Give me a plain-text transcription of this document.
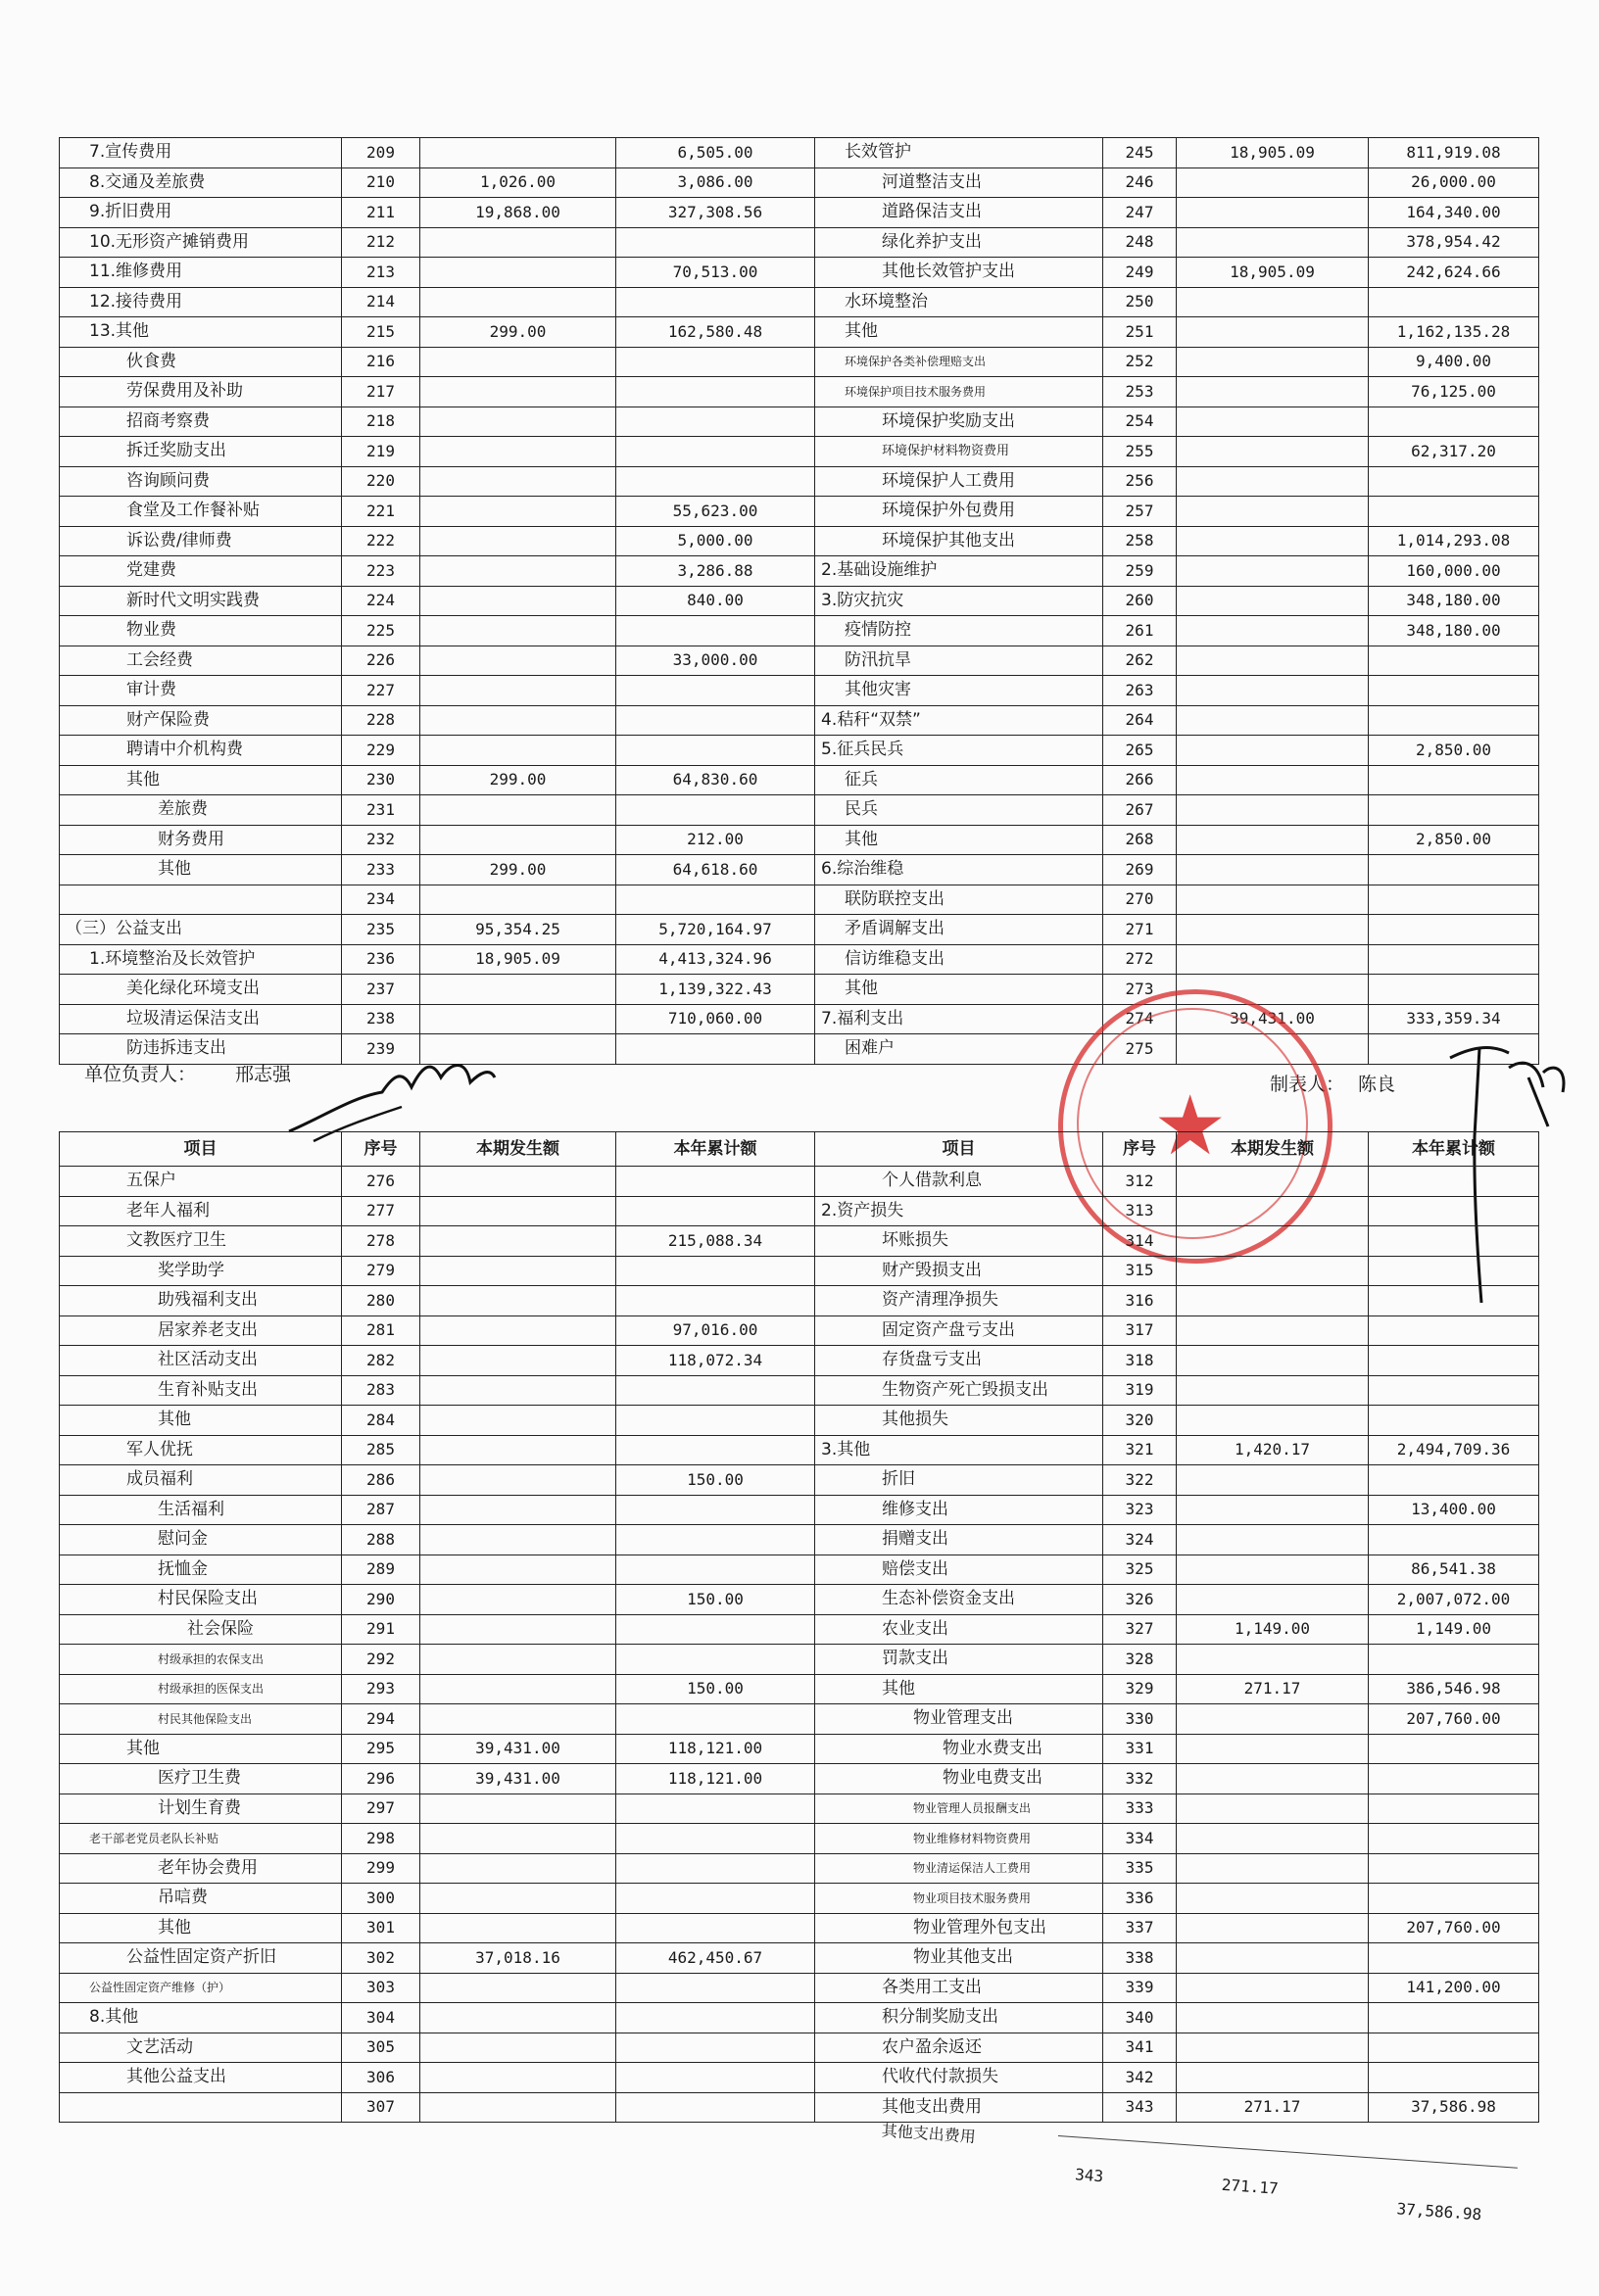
7.宣传费用	209		6,505.00	长效管护	245	18,905.09	811,919.08
8.交通及差旅费	210	1,026.00	3,086.00	河道整洁支出	246		26,000.00
9.折旧费用	211	19,868.00	327,308.56	道路保洁支出	247		164,340.00
10.无形资产摊销费用	212			绿化养护支出	248		378,954.42
11.维修费用	213		70,513.00	其他长效管护支出	249	18,905.09	242,624.66
12.接待费用	214			水环境整治	250		
13.其他	215	299.00	162,580.48	其他	251		1,162,135.28
伙食费	216			环境保护各类补偿理赔支出	252		9,400.00
劳保费用及补助	217			环境保护项目技术服务费用	253		76,125.00
招商考察费	218			环境保护奖励支出	254		
拆迁奖励支出	219			环境保护材料物资费用	255		62,317.20
咨询顾问费	220			环境保护人工费用	256		
食堂及工作餐补贴	221		55,623.00	环境保护外包费用	257		
诉讼费/律师费	222		5,000.00	环境保护其他支出	258		1,014,293.08
党建费	223		3,286.88	2.基础设施维护	259		160,000.00
新时代文明实践费	224		840.00	3.防灾抗灾	260		348,180.00
物业费	225			疫情防控	261		348,180.00
工会经费	226		33,000.00	防汛抗旱	262		
审计费	227			其他灾害	263		
财产保险费	228			4.秸秆“双禁”	264		
聘请中介机构费	229			5.征兵民兵	265		2,850.00
其他	230	299.00	64,830.60	征兵	266		
差旅费	231			民兵	267		
财务费用	232		212.00	其他	268		2,850.00
其他	233	299.00	64,618.60	6.综治维稳	269		
	234			联防联控支出	270		
（三）公益支出	235	95,354.25	5,720,164.97	矛盾调解支出	271		
1.环境整治及长效管护	236	18,905.09	4,413,324.96	信访维稳支出	272		
美化绿化环境支出	237		1,139,322.43	其他	273		
垃圾清运保洁支出	238		710,060.00	7.福利支出	274	39,431.00	333,359.34
防违拆违支出	239			困难户	275		
单位负责人： 邢志强	制表人： 陈良
★
项目	序号	本期发生额	本年累计额	项目	序号	本期发生额	本年累计额
五保户	276			个人借款利息	312		
老年人福利	277			2.资产损失	313		
文教医疗卫生	278		215,088.34	坏账损失	314		
奖学助学	279			财产毁损支出	315		
助残福利支出	280			资产清理净损失	316		
居家养老支出	281		97,016.00	固定资产盘亏支出	317		
社区活动支出	282		118,072.34	存货盘亏支出	318		
生育补贴支出	283			生物资产死亡毁损支出	319		
其他	284			其他损失	320		
军人优抚	285			3.其他	321	1,420.17	2,494,709.36
成员福利	286		150.00	折旧	322		
生活福利	287			维修支出	323		13,400.00
慰问金	288			捐赠支出	324		
抚恤金	289			赔偿支出	325		86,541.38
村民保险支出	290		150.00	生态补偿资金支出	326		2,007,072.00
社会保险	291			农业支出	327	1,149.00	1,149.00
村级承担的农保支出	292			罚款支出	328		
村级承担的医保支出	293		150.00	其他	329	271.17	386,546.98
村民其他保险支出	294			物业管理支出	330		207,760.00
其他	295	39,431.00	118,121.00	物业水费支出	331		
医疗卫生费	296	39,431.00	118,121.00	物业电费支出	332		
计划生育费	297			物业管理人员报酬支出	333		
老干部老党员老队长补贴	298			物业维修材料物资费用	334		
老年协会费用	299			物业清运保洁人工费用	335		
吊唁费	300			物业项目技术服务费用	336		
其他	301			物业管理外包支出	337		207,760.00
公益性固定资产折旧	302	37,018.16	462,450.67	物业其他支出	338		
公益性固定资产维修（护）	303			各类用工支出	339		141,200.00
8.其他	304			积分制奖励支出	340		
文艺活动	305			农户盈余返还	341		
其他公益支出	306			代收代付款损失	342		
	307			其他支出费用	343	271.17	37,586.98
其他支出费用
343	271.17
37,586.98
